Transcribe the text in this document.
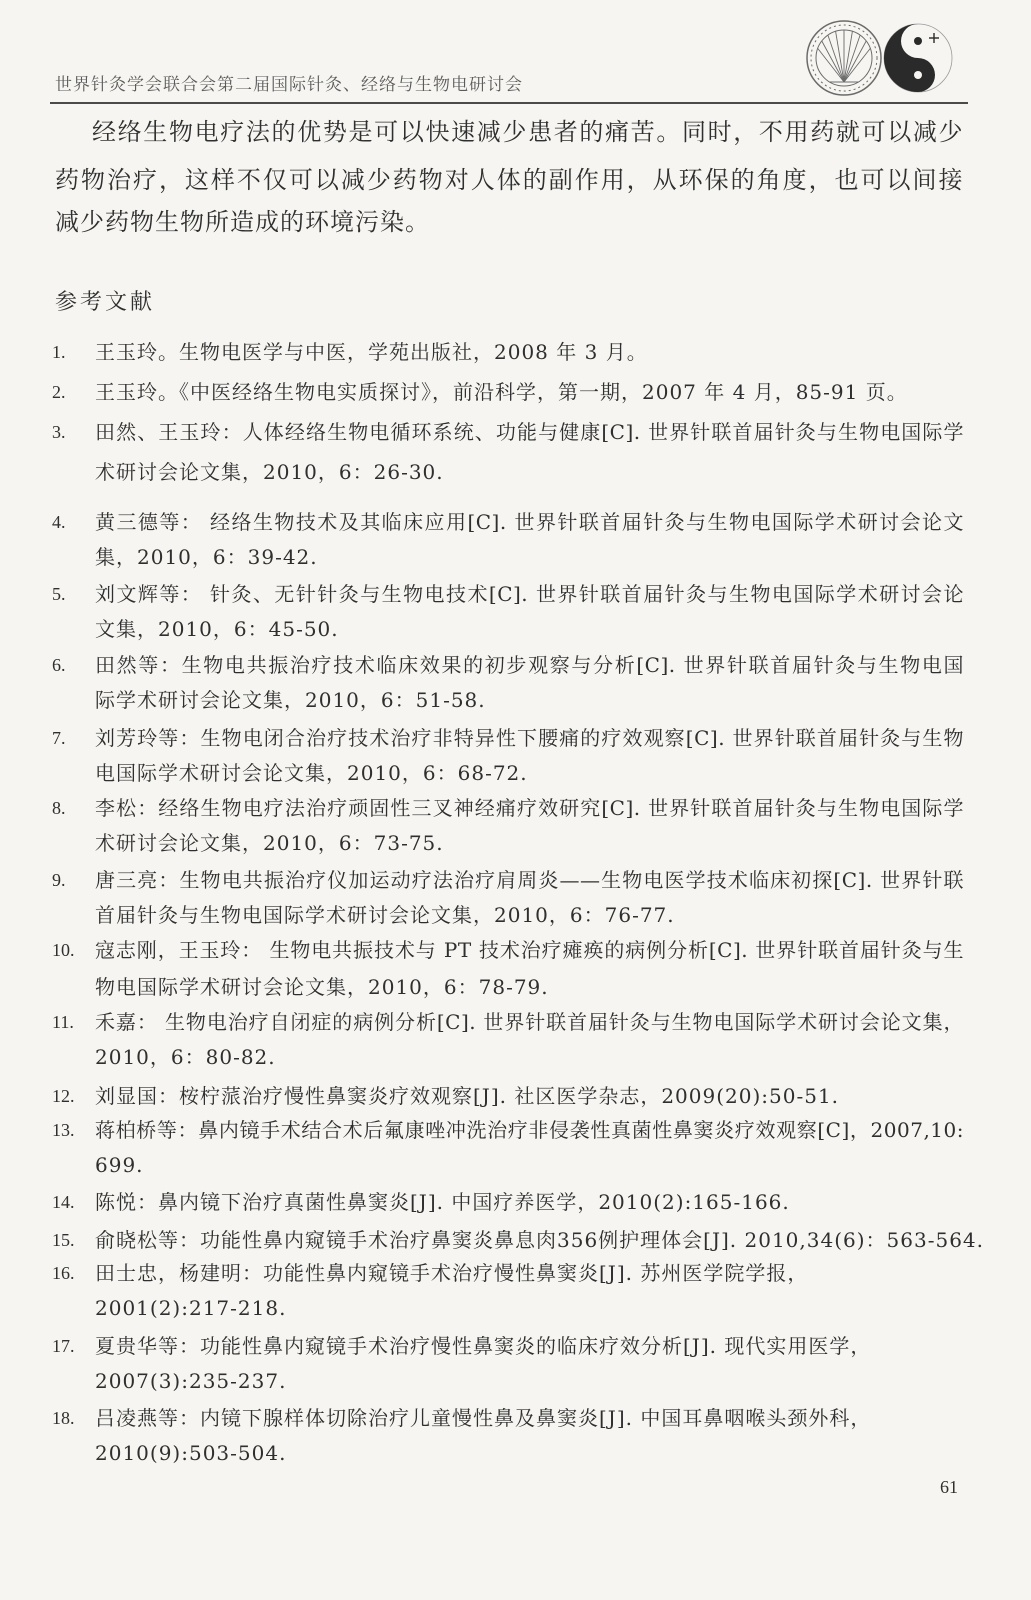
世界针灸学会联合会第二届国际针灸、经络与生物电研讨会
经络生物电疗法的优势是可以快速减少患者的痛苦。同时，不用药就可以减少
药物治疗，这样不仅可以减少药物对人体的副作用，从环保的角度，也可以间接
减少药物生物所造成的环境污染。
参考文献
1. 王玉玲。生物电医学与中医，学苑出版社，2008 年 3 月。
2. 王玉玲。《中医经络生物电实质探讨》，前沿科学，第一期，2007 年 4 月，85-91 页。
3. 田然、王玉玲：人体经络生物电循环系统、功能与健康[C]. 世界针联首届针灸与生物电国际学
术研讨会论文集，2010，6：26-30.
4. 黄三德等： 经络生物技术及其临床应用[C]. 世界针联首届针灸与生物电国际学术研讨会论文
集，2010，6：39-42.
5. 刘文辉等： 针灸、无针针灸与生物电技术[C]. 世界针联首届针灸与生物电国际学术研讨会论
文集，2010，6：45-50.
6. 田然等：生物电共振治疗技术临床效果的初步观察与分析[C]. 世界针联首届针灸与生物电国
际学术研讨会论文集，2010，6：51-58.
7. 刘芳玲等：生物电闭合治疗技术治疗非特异性下腰痛的疗效观察[C]. 世界针联首届针灸与生物
电国际学术研讨会论文集，2010，6：68-72.
8. 李松：经络生物电疗法治疗顽固性三叉神经痛疗效研究[C]. 世界针联首届针灸与生物电国际学
术研讨会论文集，2010，6：73-75.
9. 唐三亮：生物电共振治疗仪加运动疗法治疗肩周炎——生物电医学技术临床初探[C]. 世界针联
首届针灸与生物电国际学术研讨会论文集，2010，6：76-77.
10. 寇志刚，王玉玲： 生物电共振技术与 PT 技术治疗瘫痪的病例分析[C]. 世界针联首届针灸与生
物电国际学术研讨会论文集，2010，6：78-79.
11. 禾嘉： 生物电治疗自闭症的病例分析[C]. 世界针联首届针灸与生物电国际学术研讨会论文集，
2010，6：80-82.
12. 刘显国：桉柠蒎治疗慢性鼻窦炎疗效观察[J]. 社区医学杂志，2009(20):50-51.
13. 蒋柏桥等：鼻内镜手术结合术后氟康唑冲洗治疗非侵袭性真菌性鼻窦炎疗效观察[C]，2007,10:
699.
14. 陈悦：鼻内镜下治疗真菌性鼻窦炎[J]. 中国疗养医学，2010(2):165-166.
15. 俞晓松等：功能性鼻内窥镜手术治疗鼻窦炎鼻息肉356例护理体会[J]. 2010,34(6)：563-564.
16. 田士忠，杨建明：功能性鼻内窥镜手术治疗慢性鼻窦炎[J]. 苏州医学院学报，
2001(2):217-218.
17. 夏贵华等：功能性鼻内窥镜手术治疗慢性鼻窦炎的临床疗效分析[J]. 现代实用医学，
2007(3):235-237.
18. 吕凌燕等：内镜下腺样体切除治疗儿童慢性鼻及鼻窦炎[J]. 中国耳鼻咽喉头颈外科，
2010(9):503-504.
61
